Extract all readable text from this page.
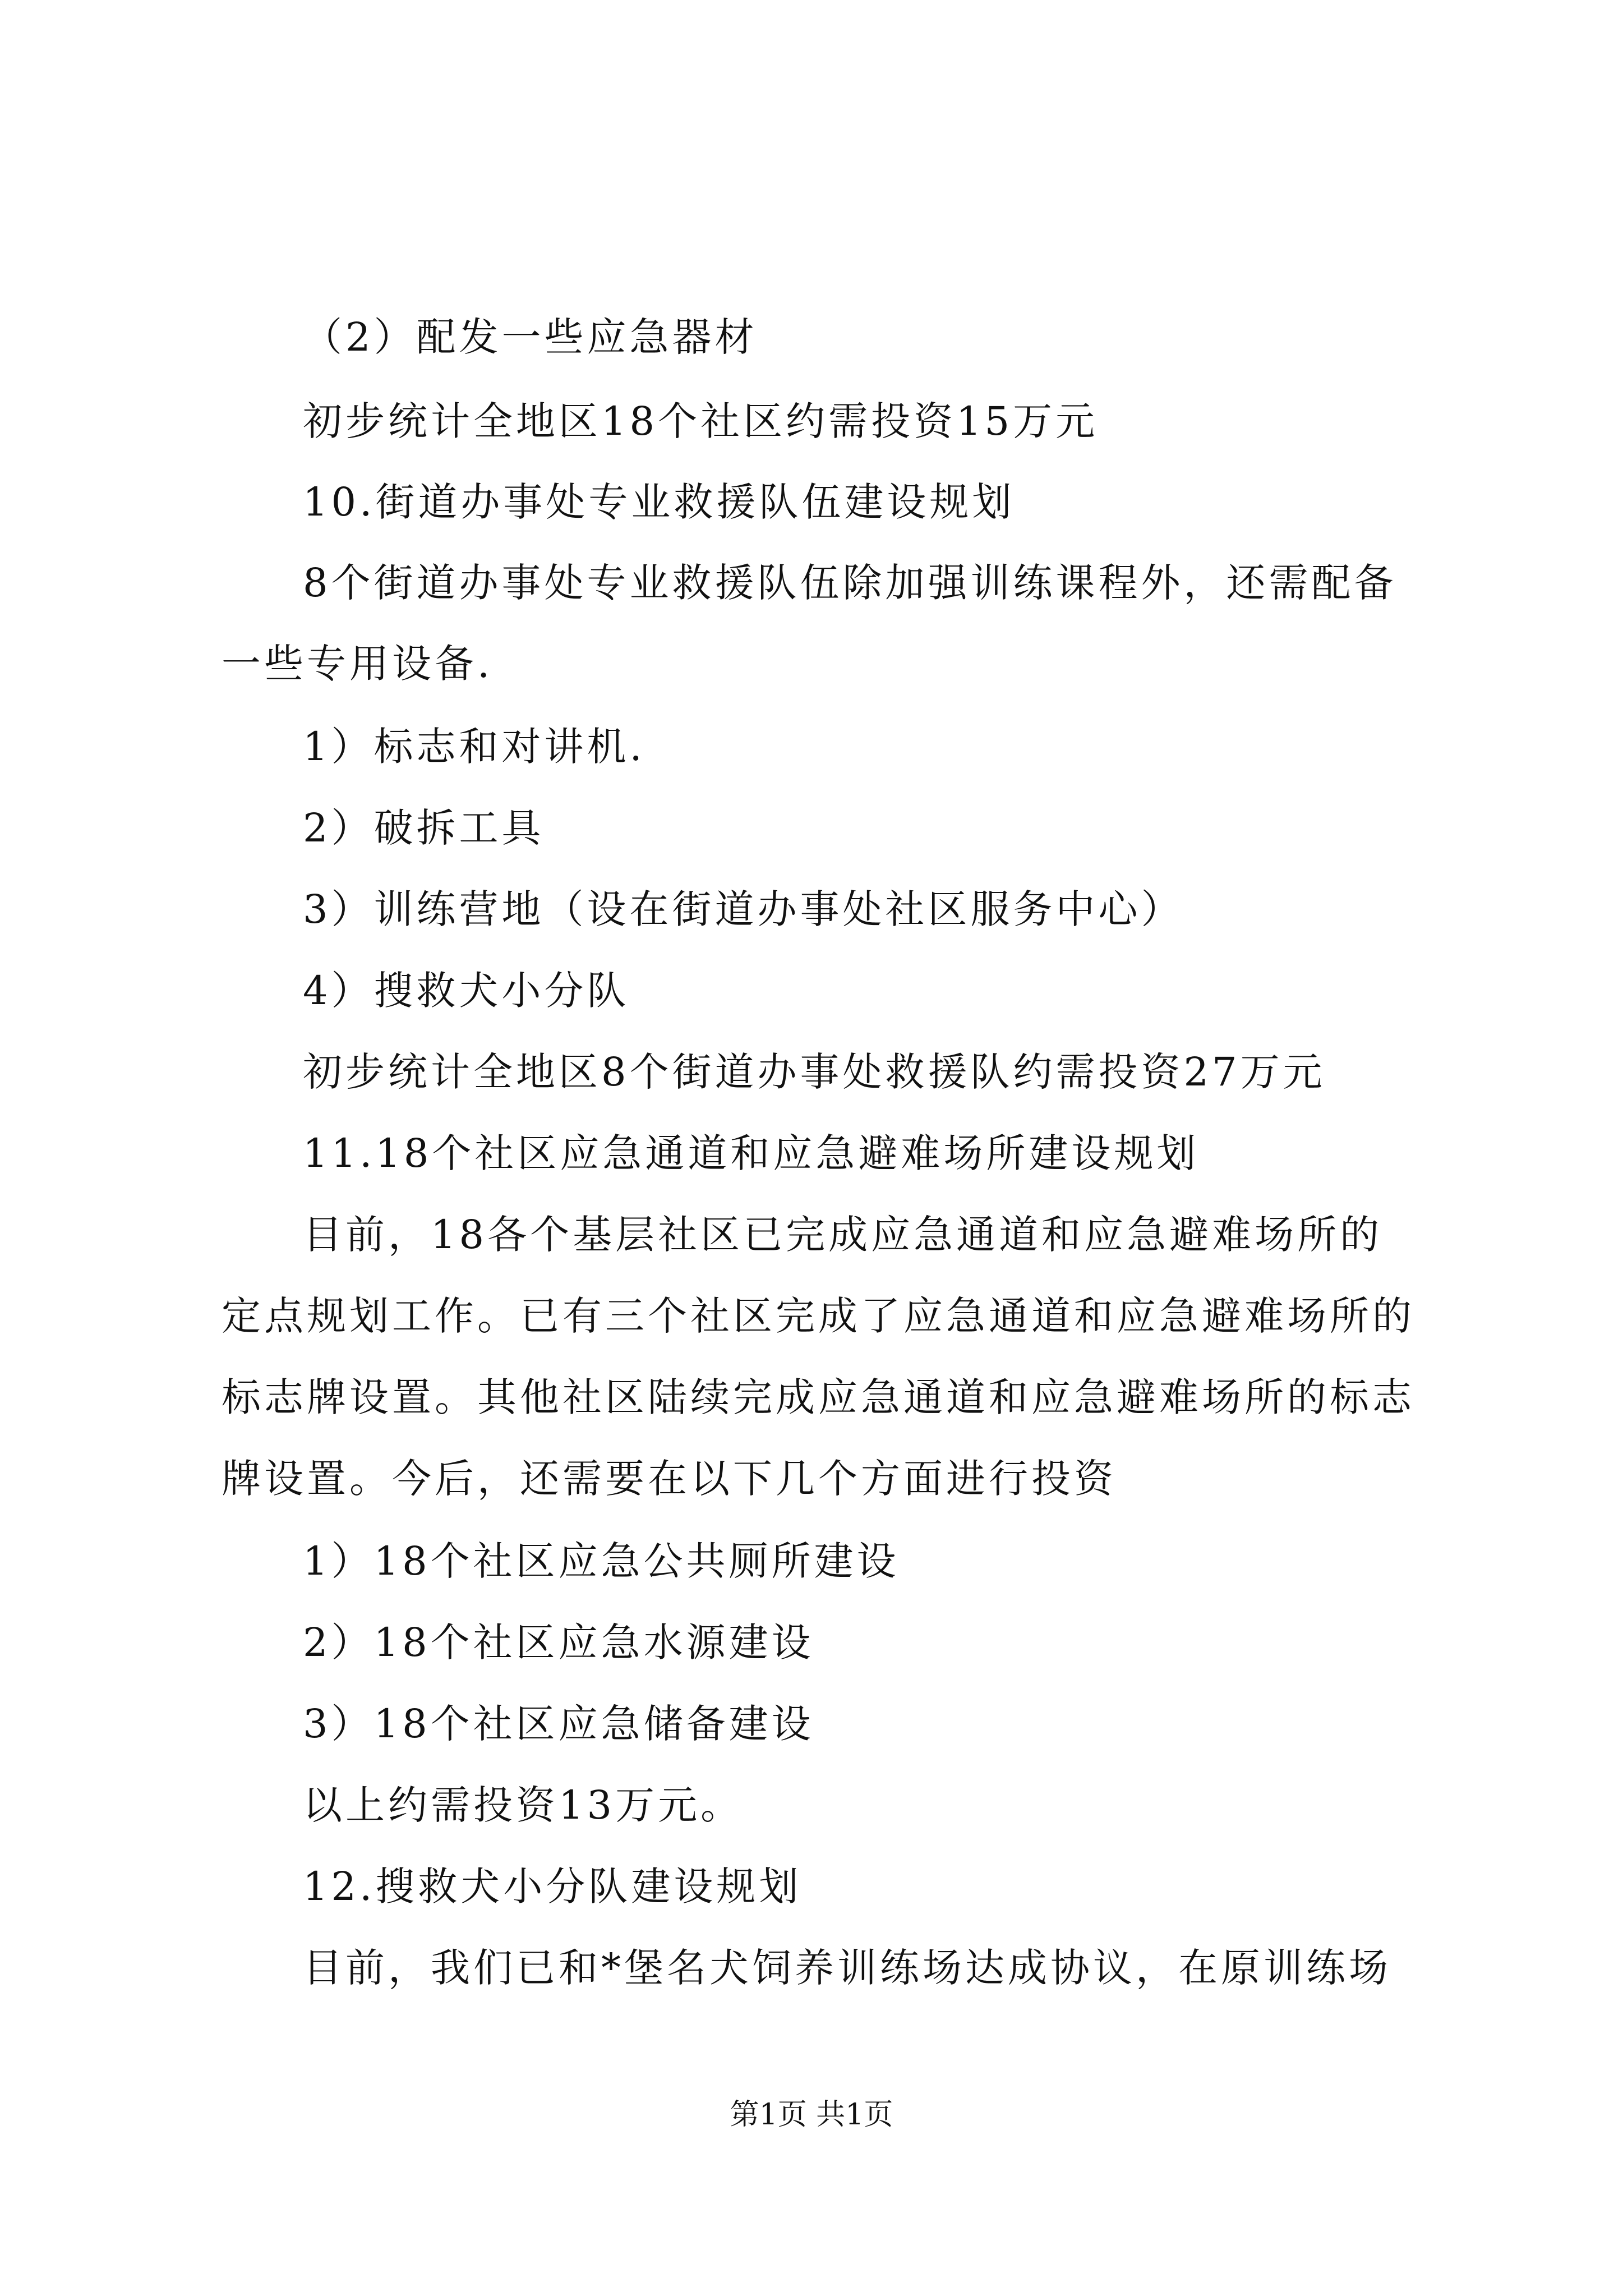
（2）配发一些应急器材
初步统计全地区18个社区约需投资15万元
10.街道办事处专业救援队伍建设规划
8个街道办事处专业救援队伍除加强训练课程外，还需配备
一些专用设备.
1）标志和对讲机.
2）破拆工具
3）训练营地（设在街道办事处社区服务中心）
4）搜救犬小分队
初步统计全地区8个街道办事处救援队约需投资27万元
11.18个社区应急通道和应急避难场所建设规划
目前，18各个基层社区已完成应急通道和应急避难场所的
定点规划工作。已有三个社区完成了应急通道和应急避难场所的
标志牌设置。其他社区陆续完成应急通道和应急避难场所的标志
牌设置。今后，还需要在以下几个方面进行投资
1）18个社区应急公共厕所建设
2）18个社区应急水源建设
3）18个社区应急储备建设
以上约需投资13万元。
12.搜救犬小分队建设规划
目前，我们已和*堡名犬饲养训练场达成协议，在原训练场
第1页 共1页
